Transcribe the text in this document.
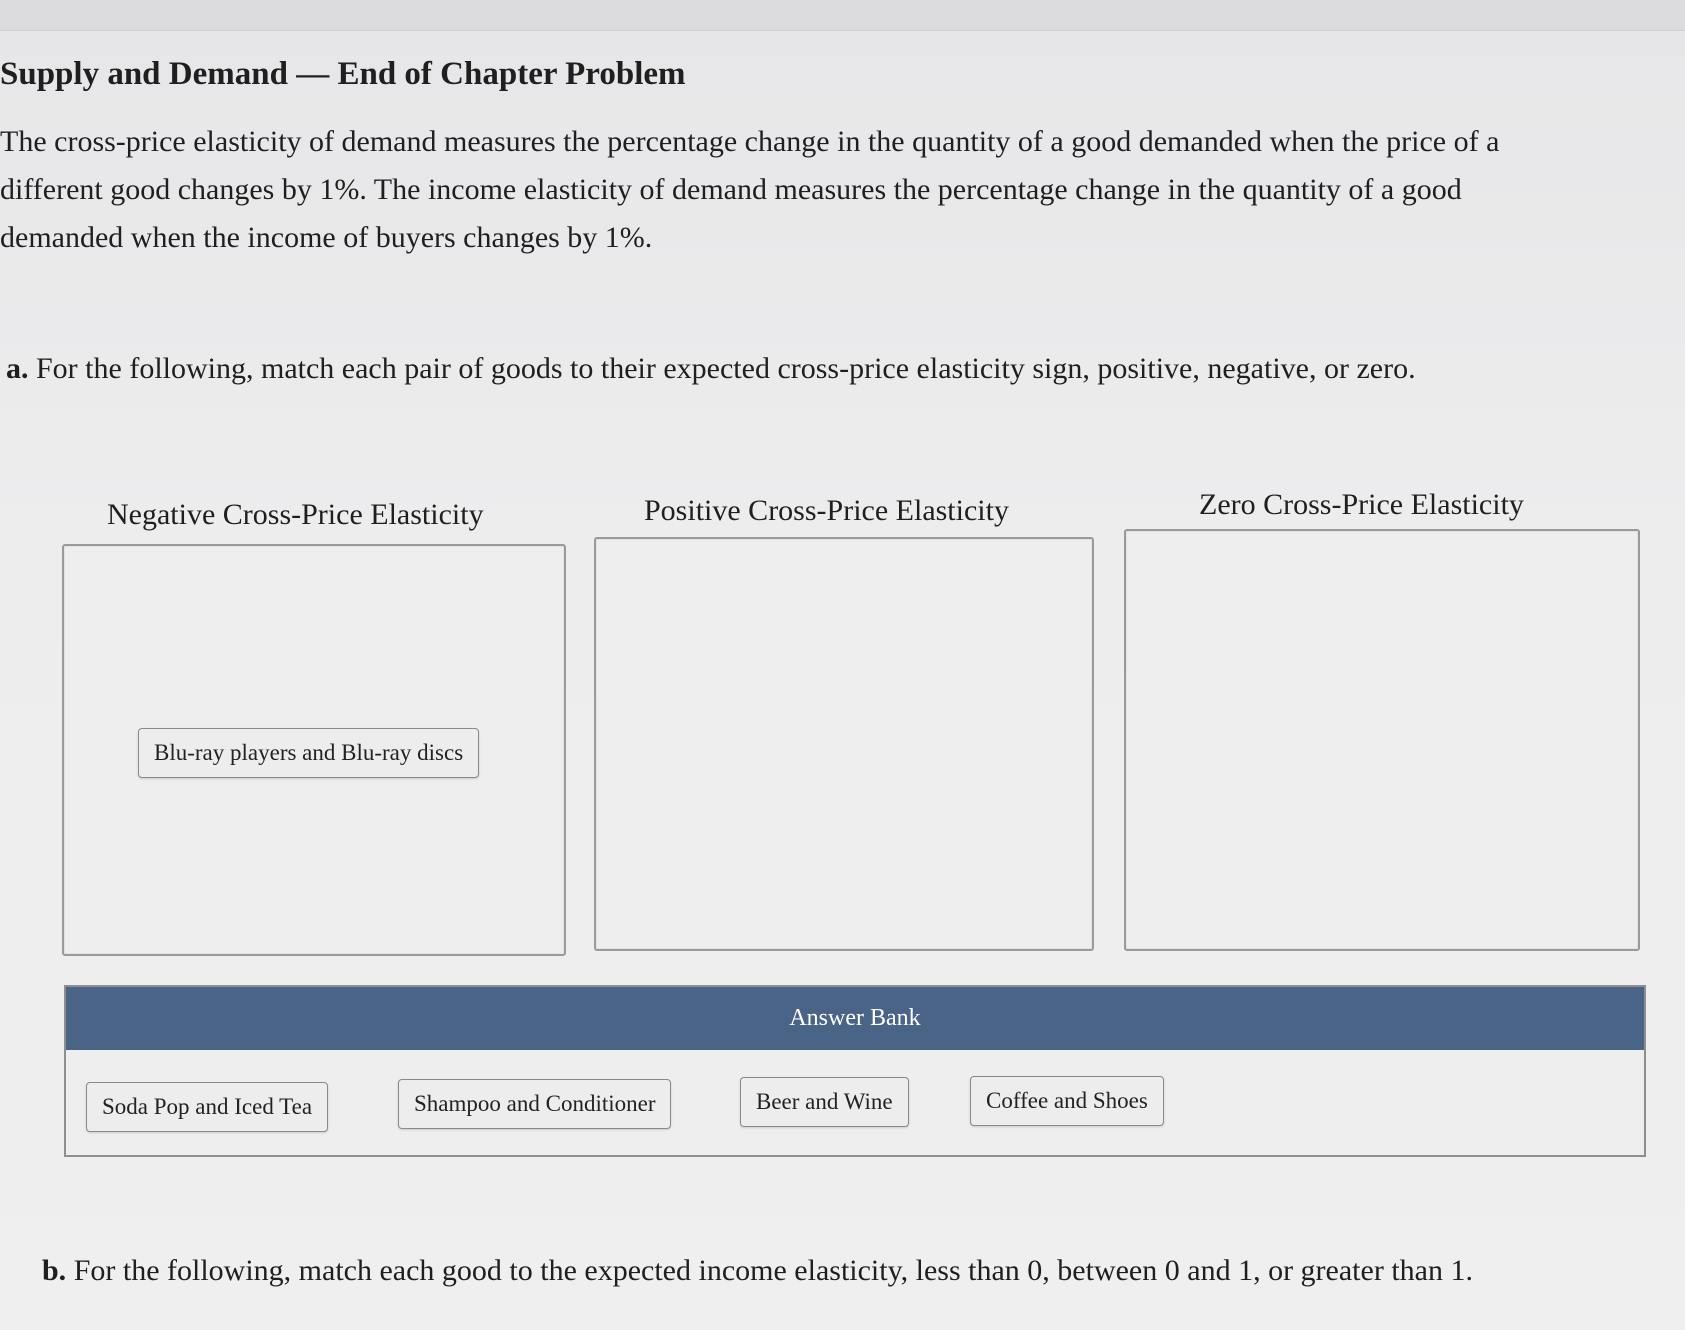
Supply and Demand — End of Chapter Problem

The cross-price elasticity of demand measures the percentage change in the quantity of a good demanded when the price of a

different good changes by 1%. The income elasticity of demand measures the percentage change in the quantity of a good

demanded when the income of buyers changes by 1%.

a. For the following, match each pair of goods to their expected cross-price elasticity sign, positive, negative, or zero.
Negative Cross-Price Elasticity	Positive Cross-Price Elasticity	Zero Cross-Price Elasticity
Blu-ray players and Blu-ray discs
Answer Bank
Soda Pop and Iced Tea	Shampoo and Conditioner	Beer and Wine	Coffee and Shoes
b. For the following, match each good to the expected income elasticity, less than 0, between 0 and 1, or greater than 1.
